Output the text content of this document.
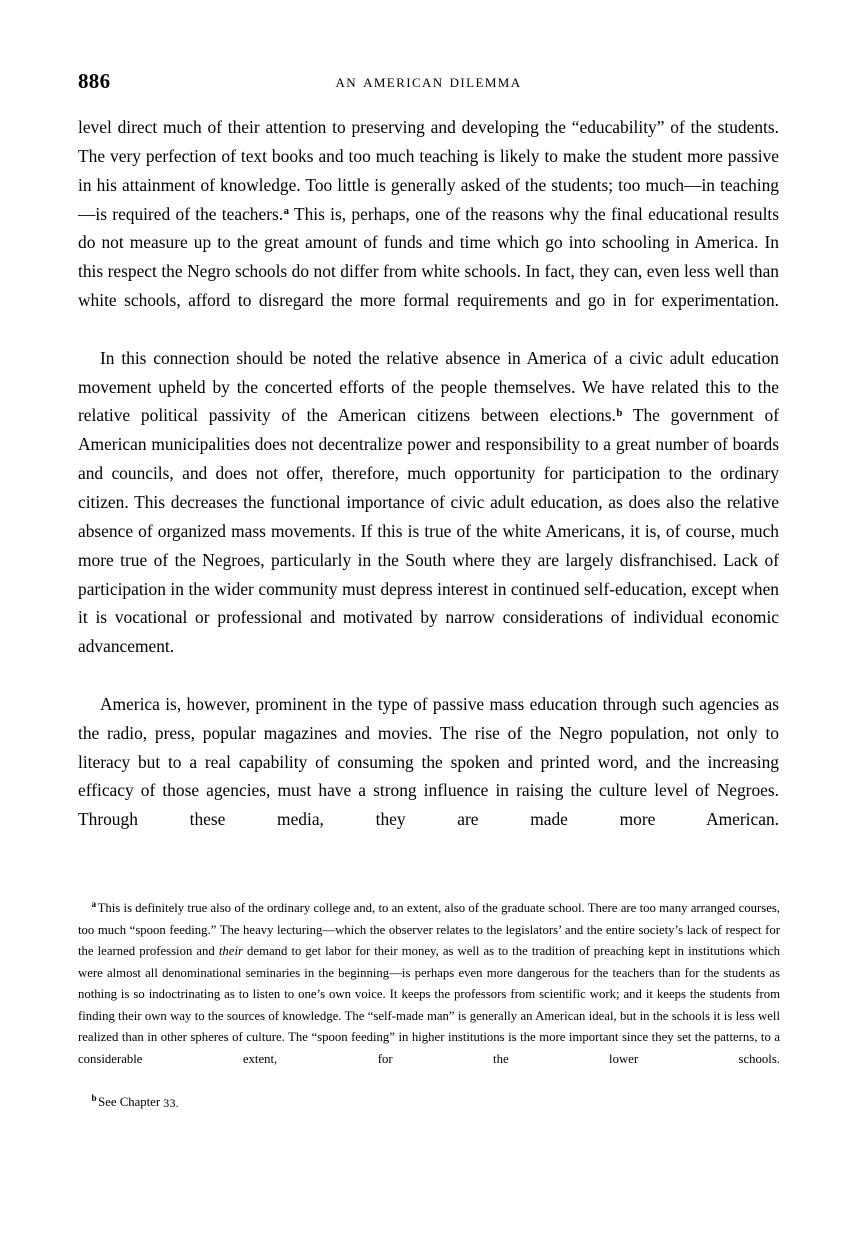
886	an american dilemma

level direct much of their attention to preserving and developing the “educability” of the students. The very perfection of text books and too much teaching is likely to make the student more passive in his attainment of knowledge. Too little is generally asked of the students; too much—in teaching—is required of the teachers.$^a$ This is, perhaps, one of the reasons why the final educational results do not measure up to the great amount of funds and time which go into schooling in America. In this respect the Negro schools do not differ from white schools. In fact, they can, even less well than white schools, afford to disregard the more formal requirements and go in for experimentation.

In this connection should be noted the relative absence in America of a civic adult education movement upheld by the concerted efforts of the people themselves. We have related this to the relative political passivity of the American citizens between elections.$^b$ The government of American municipalities does not decentralize power and responsibility to a great number of boards and councils, and does not offer, therefore, much opportunity for participation to the ordinary citizen. This decreases the functional importance of civic adult education, as does also the relative absence of organized mass movements. If this is true of the white Americans, it is, of course, much more true of the Negroes, particularly in the South where they are largely disfranchised. Lack of participation in the wider community must depress interest in continued self-education, except when it is vocational or professional and motivated by narrow considerations of individual economic advancement.

America is, however, prominent in the type of passive mass education through such agencies as the radio, press, popular magazines and movies. The rise of the Negro population, not only to literacy but to a real capability of consuming the spoken and printed word, and the increasing efficacy of those agencies, must have a strong influence in raising the culture level of Negroes. Through these media, they are made more American.

$^a$ This is definitely true also of the ordinary college and, to an extent, also of the graduate school. There are too many arranged courses, too much “spoon feeding.” The heavy lecturing—which the observer relates to the legislators’ and the entire society’s lack of respect for the learned profession and their demand to get labor for their money, as well as to the tradition of preaching kept in institutions which were almost all denominational seminaries in the beginning—is perhaps even more dangerous for the teachers than for the students as nothing is so indoctrinating as to listen to one’s own voice. It keeps the professors from scientific work; and it keeps the students from finding their own way to the sources of knowledge. The “self-made man” is generally an American ideal, but in the schools it is less well realized than in other spheres of culture. The “spoon feeding” in higher institutions is the more important since they set the patterns, to a considerable extent, for the lower schools.

$^b$ See Chapter 33.
